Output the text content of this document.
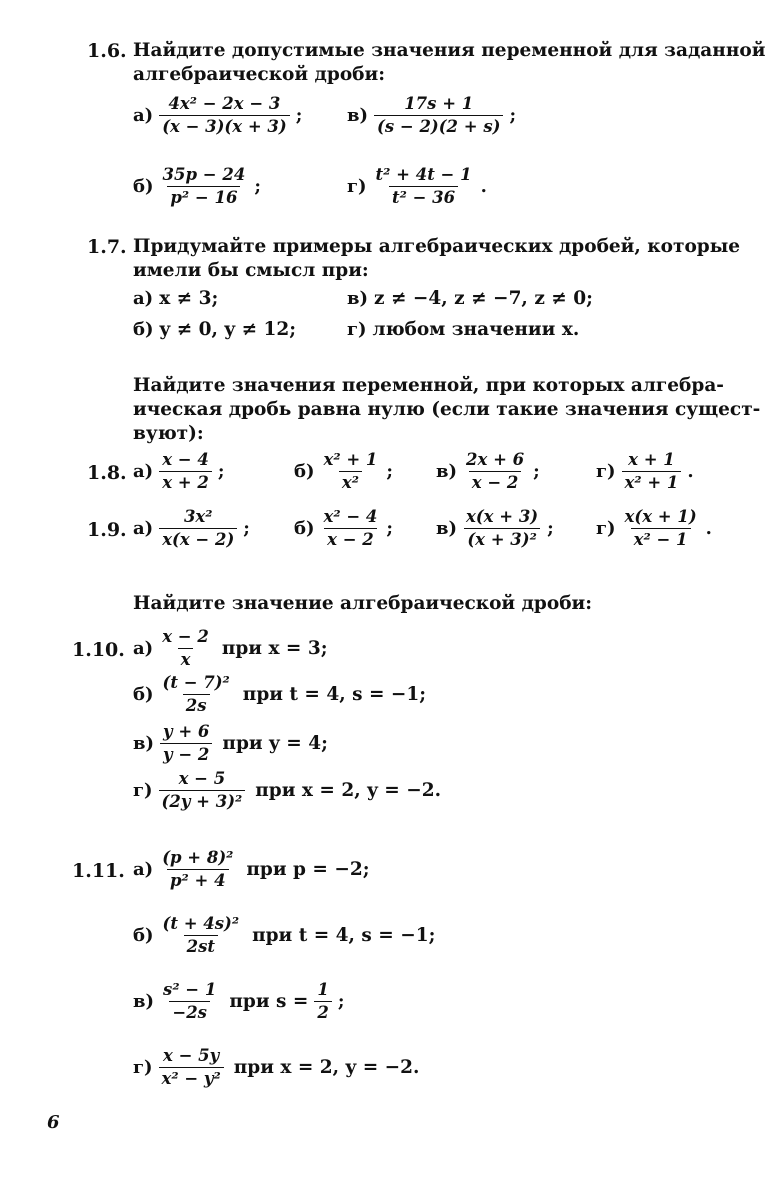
1.6. Найдите допустимые значения переменной для заданной
алгебраической дроби:
$а) \frac{\text{4x² − 2x − 3}}{(x - 3)(x + 3)}$ ; $в) \frac{17s + 1}{(s - 2)(2 + s)}$ ;
$б) \frac{35p - 24}{\text{p² − 16}}$ ;	$г) \frac{\text{t² + 4t − 1}}{\text{t² − 36}}$ .
1.7. Придумайте примеры алгебраических дробей, которые
имели бы смысл при:
а) x ≠ 3;	в) z ≠ −4, z ≠ −7, z ≠ 0;
б) y ≠ 0, y ≠ 12;	г) любом значении x.
Найдите значения переменной, при которых алгебра-
ическая дробь равна нулю (если такие значения сущест-
вуют):
1.8. $а) \frac{x - 4}{x + 2}$ ;	$б) \frac{\text{x² + 1}}{\text{x²}}$ ; $в) \frac{2x + 6}{x - 2}$ ;	$г) \frac{x + 1}{\text{x² + 1}}$ .
1.9. $а) \frac{\text{3x²}}{x(x - 2)}$ ; $б) \frac{\text{x² − 4}}{x - 2}$ ; $в) \frac{x(x + 3)}{\text{(x + 3)²}}$ ; $г) \frac{x(x + 1)}{\text{x² − 1}}$ .
Найдите значение алгебраической дроби:
1.10. $а) \frac{x - 2}{x}$ при x = 3;
$б) \frac{\text{(t − 7)²}}{2s}$ при t = 4, s = −1;
$в) \frac{y + 6}{y - 2}$ при y = 4;
$г) \frac{x - 5}{\text{(2y + 3)²}}$ при x = 2, y = −2.
1.11. $а) \frac{\text{(p + 8)²}}{\text{p² + 4}}$ при p = −2;
$б) \frac{\text{(t + 4s)²}}{2st}$ при t = 4, s = −1;
$в) \frac{\text{s² − 1}}{-2s}$ при $s = \frac{1}{2}$ ;
$г) \frac{x - 5y}{\text{x² − y²}}$ при x = 2, y = −2.
6
